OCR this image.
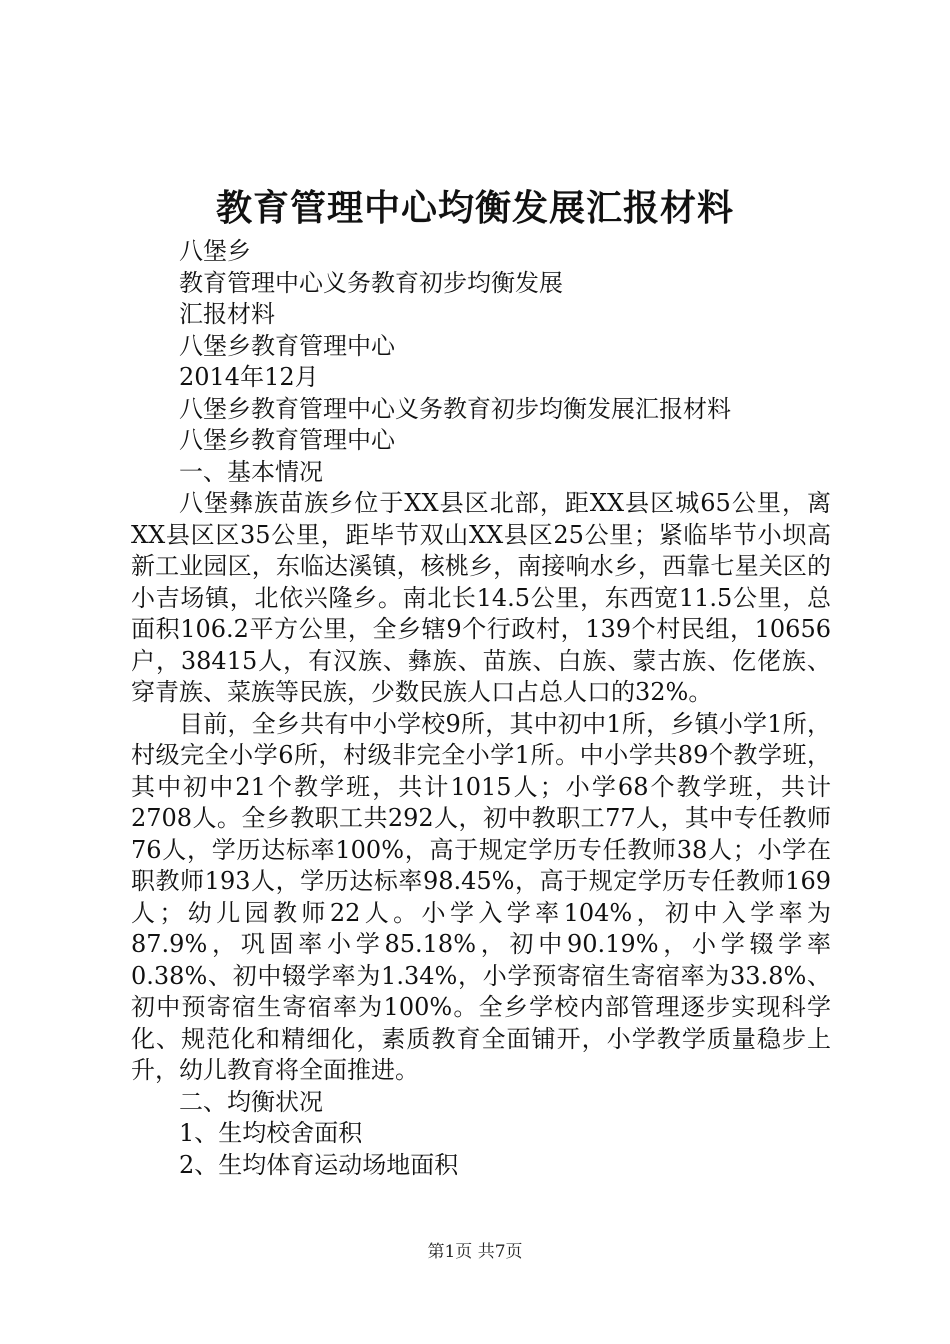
教育管理中心均衡发展汇报材料

八堡乡

教育管理中心义务教育初步均衡发展

汇报材料

八堡乡教育管理中心

2014年12月

八堡乡教育管理中心义务教育初步均衡发展汇报材料

八堡乡教育管理中心

一、基本情况

八堡彝族苗族乡位于XX县区北部，距XX县区城65公里，离XX县区区35公里，距毕节双山XX县区25公里；紧临毕节小坝高新工业园区，东临达溪镇，核桃乡，南接响水乡，西靠七星关区的小吉场镇，北依兴隆乡。南北长14.5公里，东西宽11.5公里，总面积106.2平方公里，全乡辖9个行政村，139个村民组，10656户，38415人，有汉族、彝族、苗族、白族、蒙古族、仡佬族、穿青族、菜族等民族，少数民族人口占总人口的32%。

目前，全乡共有中小学校9所，其中初中1所，乡镇小学1所，村级完全小学6所，村级非完全小学1所。中小学共89个教学班，其中初中21个教学班，共计1015人；小学68个教学班，共计2708人。全乡教职工共292人，初中教职工77人，其中专任教师76人，学历达标率100%，高于规定学历专任教师38人；小学在职教师193人，学历达标率98.45%，高于规定学历专任教师169人；幼儿园教师22人。小学入学率104%，初中入学率为87.9%，巩固率小学85.18%，初中90.19%，小学辍学率0.38%、初中辍学率为1.34%，小学预寄宿生寄宿率为33.8%、初中预寄宿生寄宿率为100%。全乡学校内部管理逐步实现科学化、规范化和精细化，素质教育全面铺开，小学教学质量稳步上升，幼儿教育将全面推进。

二、均衡状况

1、生均校舍面积

2、生均体育运动场地面积

第1页 共7页
